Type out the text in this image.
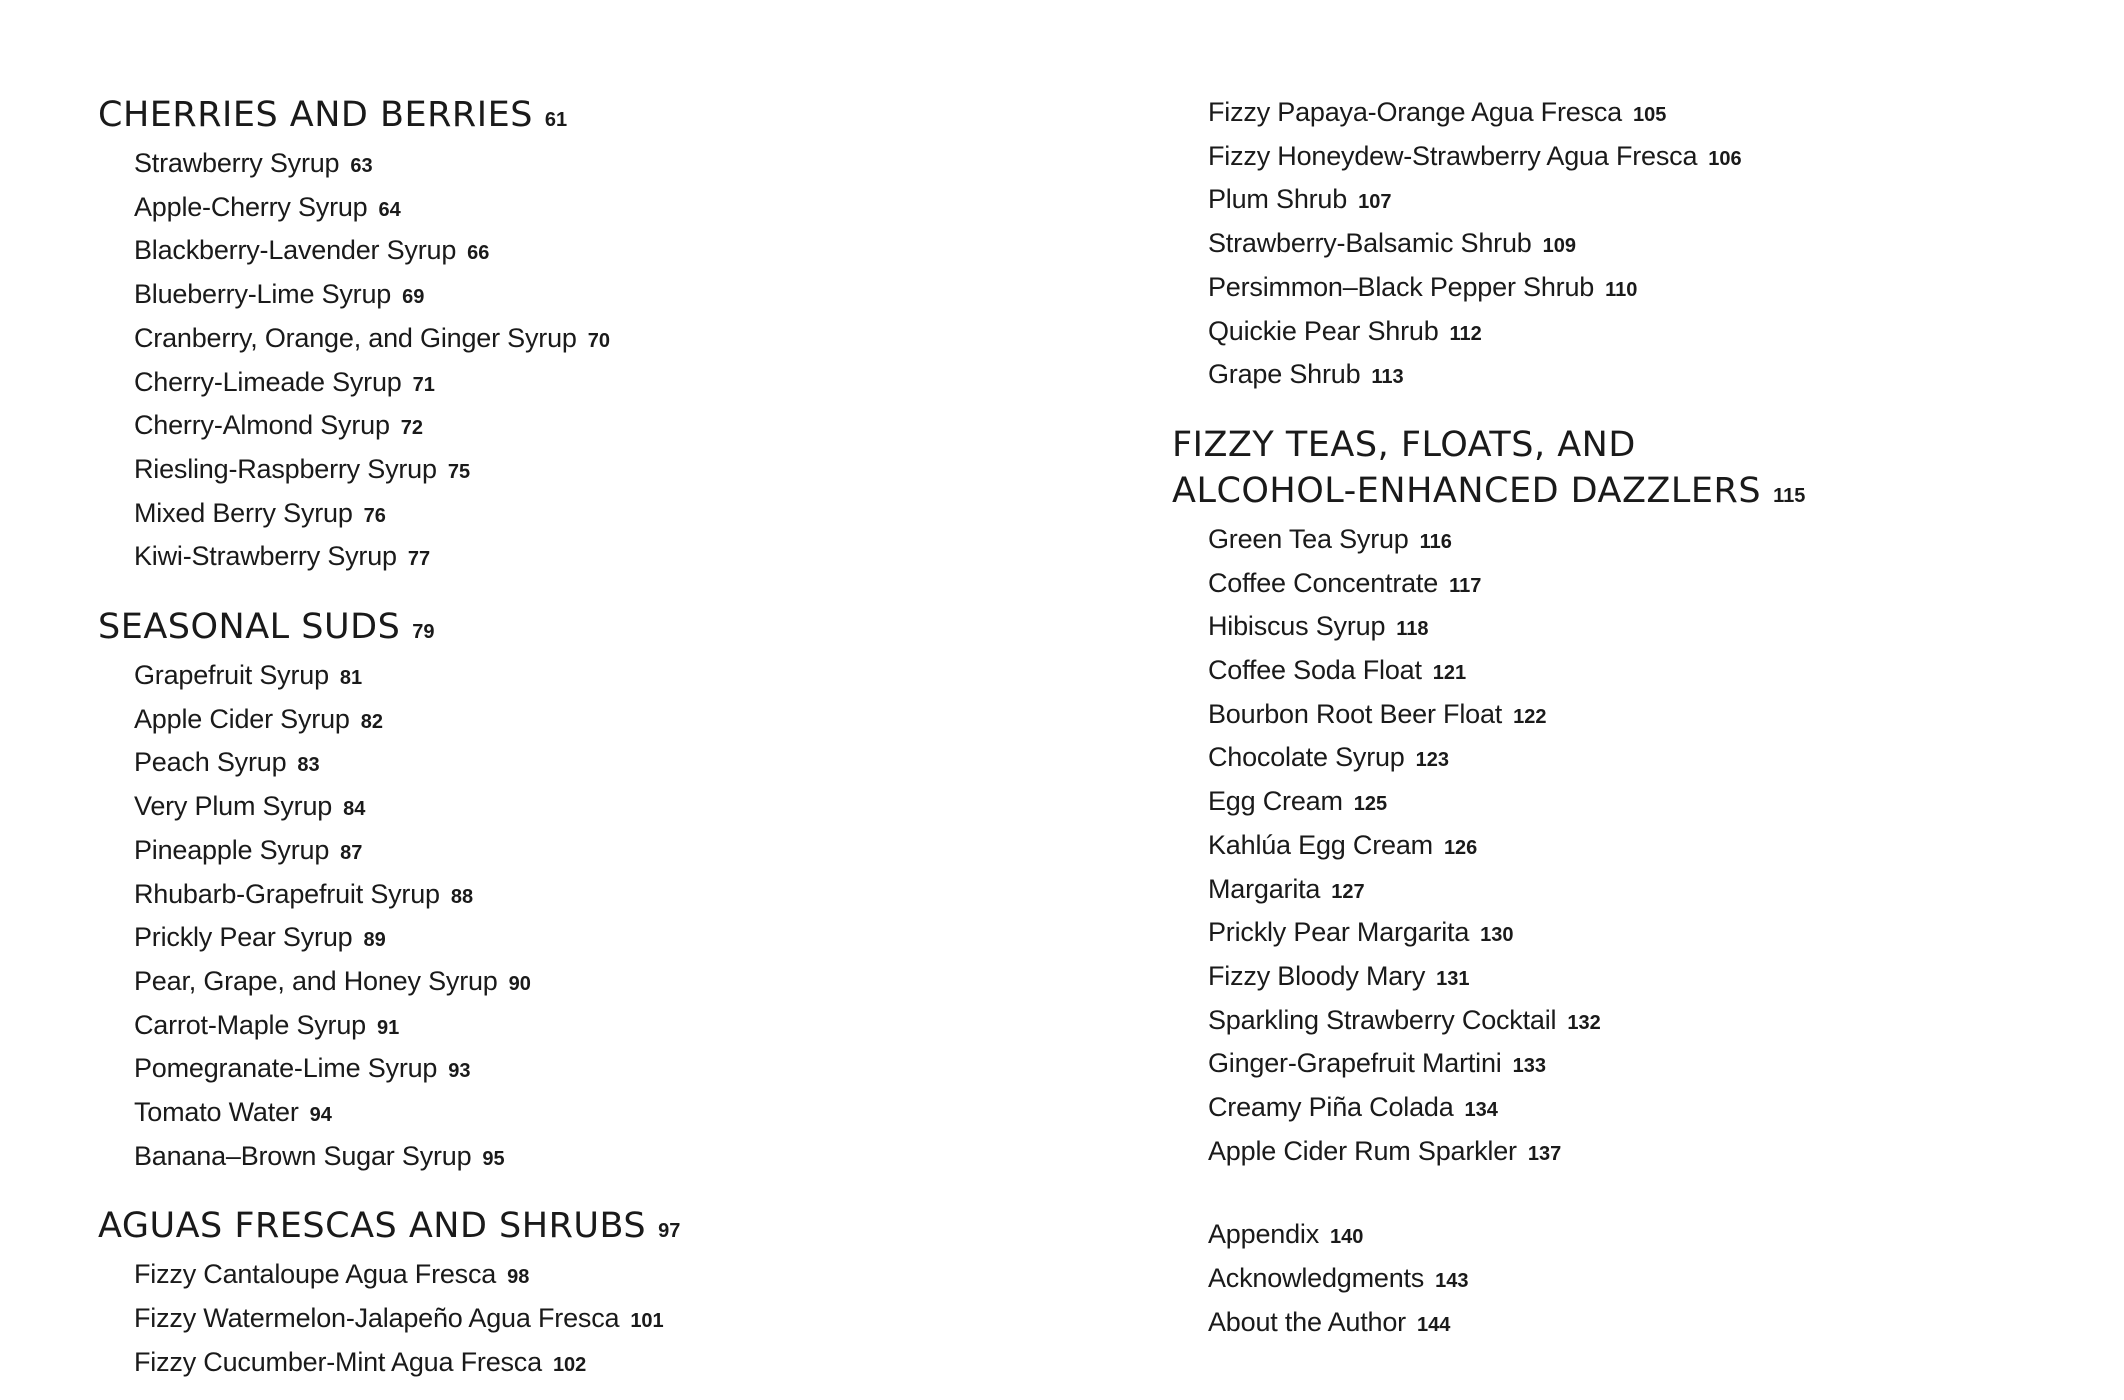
CHERRIES AND BERRIES 61
Strawberry Syrup 63
Apple-Cherry Syrup 64
Blackberry-Lavender Syrup 66
Blueberry-Lime Syrup 69
Cranberry, Orange, and Ginger Syrup 70
Cherry-Limeade Syrup 71
Cherry-Almond Syrup 72
Riesling-Raspberry Syrup 75
Mixed Berry Syrup 76
Kiwi-Strawberry Syrup 77
SEASONAL SUDS 79
Grapefruit Syrup 81
Apple Cider Syrup 82
Peach Syrup 83
Very Plum Syrup 84
Pineapple Syrup 87
Rhubarb-Grapefruit Syrup 88
Prickly Pear Syrup 89
Pear, Grape, and Honey Syrup 90
Carrot-Maple Syrup 91
Pomegranate-Lime Syrup 93
Tomato Water 94
Banana–Brown Sugar Syrup 95
AGUAS FRESCAS AND SHRUBS 97
Fizzy Cantaloupe Agua Fresca 98
Fizzy Watermelon-Jalapeño Agua Fresca 101
Fizzy Cucumber-Mint Agua Fresca 102
Fizzy Papaya-Orange Agua Fresca 105
Fizzy Honeydew-Strawberry Agua Fresca 106
Plum Shrub 107
Strawberry-Balsamic Shrub 109
Persimmon–Black Pepper Shrub 110
Quickie Pear Shrub 112
Grape Shrub 113
FIZZY TEAS, FLOATS, AND
ALCOHOL-ENHANCED DAZZLERS 115
Green Tea Syrup 116
Coffee Concentrate 117
Hibiscus Syrup 118
Coffee Soda Float 121
Bourbon Root Beer Float 122
Chocolate Syrup 123
Egg Cream 125
Kahlúa Egg Cream 126
Margarita 127
Prickly Pear Margarita 130
Fizzy Bloody Mary 131
Sparkling Strawberry Cocktail 132
Ginger-Grapefruit Martini 133
Creamy Piña Colada 134
Apple Cider Rum Sparkler 137
Appendix 140
Acknowledgments 143
About the Author 144
